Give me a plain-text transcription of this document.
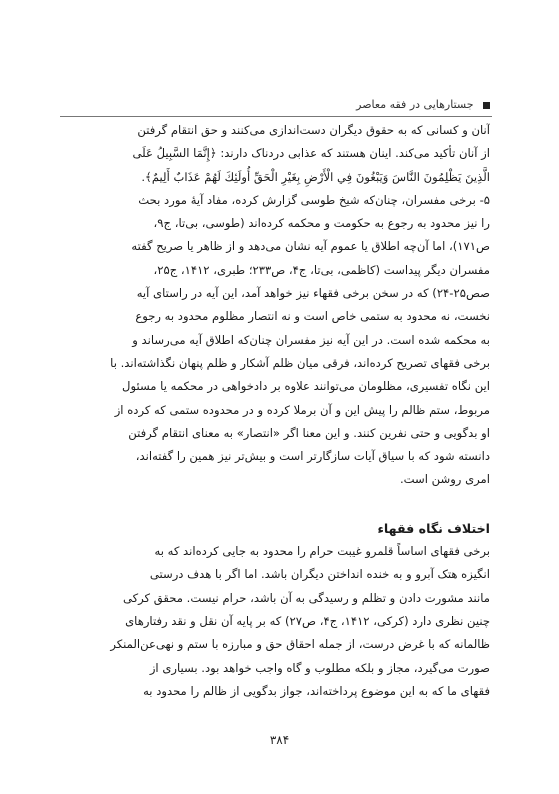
جستارهایی در فقه معاصر
آنان و کسانی که به حقوق دیگران دست‌اندازی می‌کنند و حق انتقام گرفتن
از آنان تأکید می‌کند. اینان هستند که عذابی دردناک دارند: ﴿إِنَّمَا السَّبِيلُ عَلَى
الَّذِينَ يَظْلِمُونَ النَّاسَ وَيَبْغُونَ فِي الْأَرْضِ بِغَيْرِ الْحَقِّ أُولَئِكَ لَهُمْ عَذَابٌ أَلِيمٌ﴾.
۵- برخی مفسران، چنان‌که شیخ طوسی گزارش کرده، مفاد آیهٔ مورد بحث
را نیز محدود به رجوع به حکومت و محکمه کرده‌اند (طوسی، بی‌تا، ج۹،
ص۱۷۱)، اما آن‌چه اطلاق یا عموم آیه نشان می‌دهد و از ظاهر یا صریح گفته
مفسران دیگر پیداست (کاظمی، بی‌تا، ج۴، ص۲۳۳؛ طبری، ۱۴۱۲، ج۲۵،
صص۲۵-۲۴) که در سخن برخی فقهاء نیز خواهد آمد، این آیه در راستای آیه
نخست، نه محدود به ستمی خاص است و نه انتصار مظلوم محدود به رجوع
به محکمه شده است. در این آیه نیز مفسران چنان‌که اطلاق آیه می‌رساند و
برخی فقهای تصریح کرده‌اند، فرقی میان ظلم آشکار و ظلم پنهان نگذاشته‌اند. با
این نگاه تفسیری، مظلومان می‌توانند علاوه بر دادخواهی در محکمه یا مسئول
مربوط، ستم ظالم را پیش این و آن برملا کرده و در محدوده ستمی که کرده از
او بدگویی و حتی نفرین کنند. و این معنا اگر «انتصار» به معنای انتقام گرفتن
دانسته شود که با سیاق آیات سازگارتر است و بیش‌تر نیز همین را گفته‌اند،
امری روشن است.
اختلاف نگاه فقهاء
برخی فقهای اساساً قلمرو غیبت حرام را محدود به جایی کرده‌اند که به
انگیزه هتک آبرو و به خنده انداختن دیگران باشد. اما اگر با هدف درستی
مانند مشورت دادن و تظلم و رسیدگی به آن باشد، حرام نیست. محقق کرکی
چنین نظری دارد (کرکی، ۱۴۱۲، ج۴، ص۲۷) که بر پایه آن نقل و نقد رفتارهای
ظالمانه که با غرض درست، از جمله احقاق حق و مبارزه با ستم و نهی‌عن‌المنکر
صورت می‌گیرد، مجاز و بلکه مطلوب و گاه واجب خواهد بود. بسیاری از
فقهای ما که به این موضوع پرداخته‌اند، جواز بدگویی از ظالم را محدود به
۳۸۴
